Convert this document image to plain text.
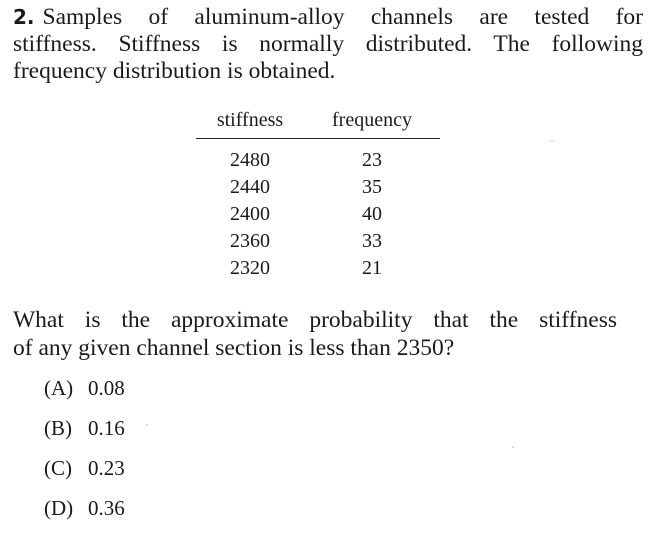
2. Samples of aluminum-alloy channels are tested for
stiffness. Stiffness is normally distributed. The following
frequency distribution is obtained.
stiffness	frequency
2480	23
2440	35
2400	40
2360	33
2320	21
What is the approximate probability that the stiffness
of any given channel section is less than 2350?
(A) 0.08
(B) 0.16
(C) 0.23
(D) 0.36
